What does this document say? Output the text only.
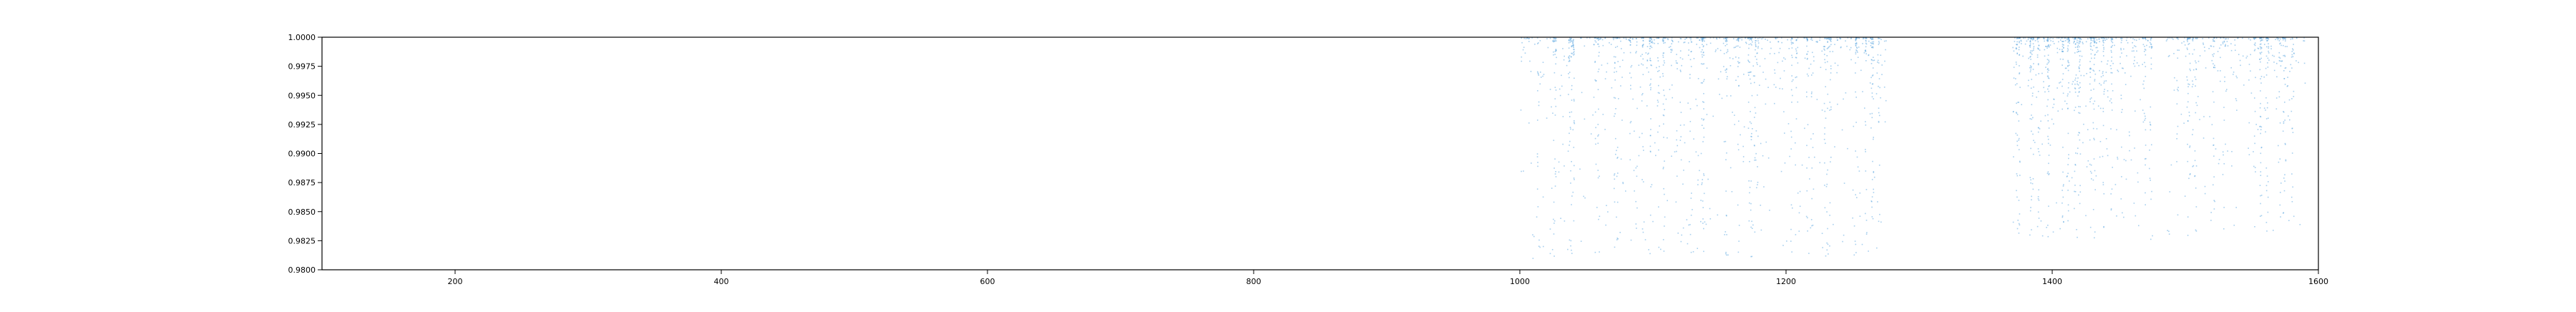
200	400	600	800	1000	1200	1400	1600
0.9800
0.9825
0.9850
0.9875
0.9900
0.9925
0.9950
0.9975
1.0000
